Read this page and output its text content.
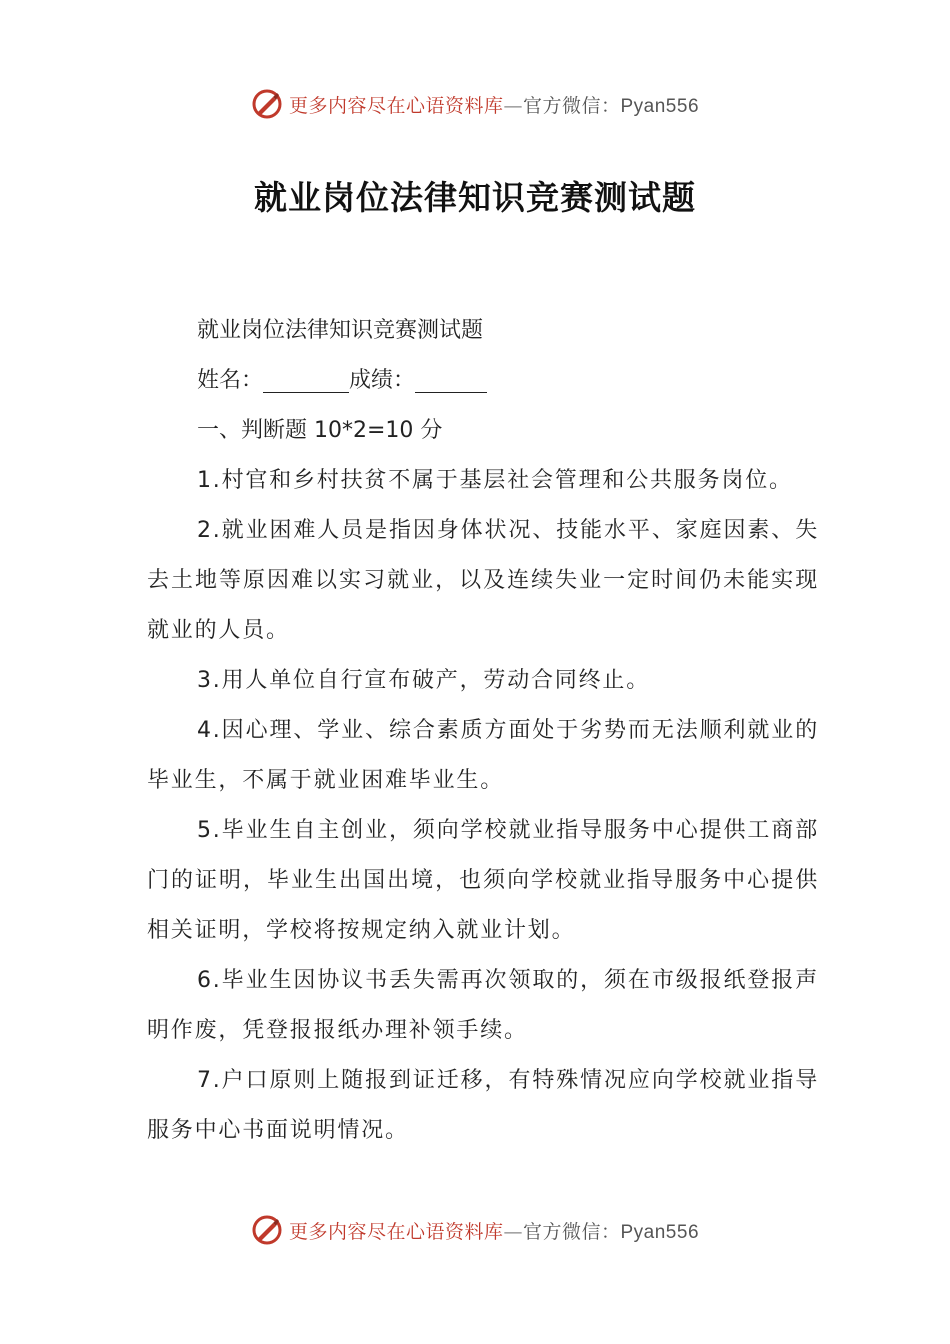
更多内容尽在心语资料库—官方微信：Pyan556
就业岗位法律知识竞赛测试题
就业岗位法律知识竞赛测试题
姓名：	成绩：
一、判断题 10*2=10 分
1.村官和乡村扶贫不属于基层社会管理和公共服务岗位。
2.就业困难人员是指因身体状况、技能水平、家庭因素、失去土地等原因难以实习就业，以及连续失业一定时间仍未能实现就业的人员。
3.用人单位自行宣布破产，劳动合同终止。
4.因心理、学业、综合素质方面处于劣势而无法顺利就业的毕业生，不属于就业困难毕业生。
5.毕业生自主创业，须向学校就业指导服务中心提供工商部门的证明，毕业生出国出境，也须向学校就业指导服务中心提供相关证明，学校将按规定纳入就业计划。
6.毕业生因协议书丢失需再次领取的，须在市级报纸登报声明作废，凭登报报纸办理补领手续。
7.户口原则上随报到证迁移，有特殊情况应向学校就业指导服务中心书面说明情况。
更多内容尽在心语资料库—官方微信：Pyan556
